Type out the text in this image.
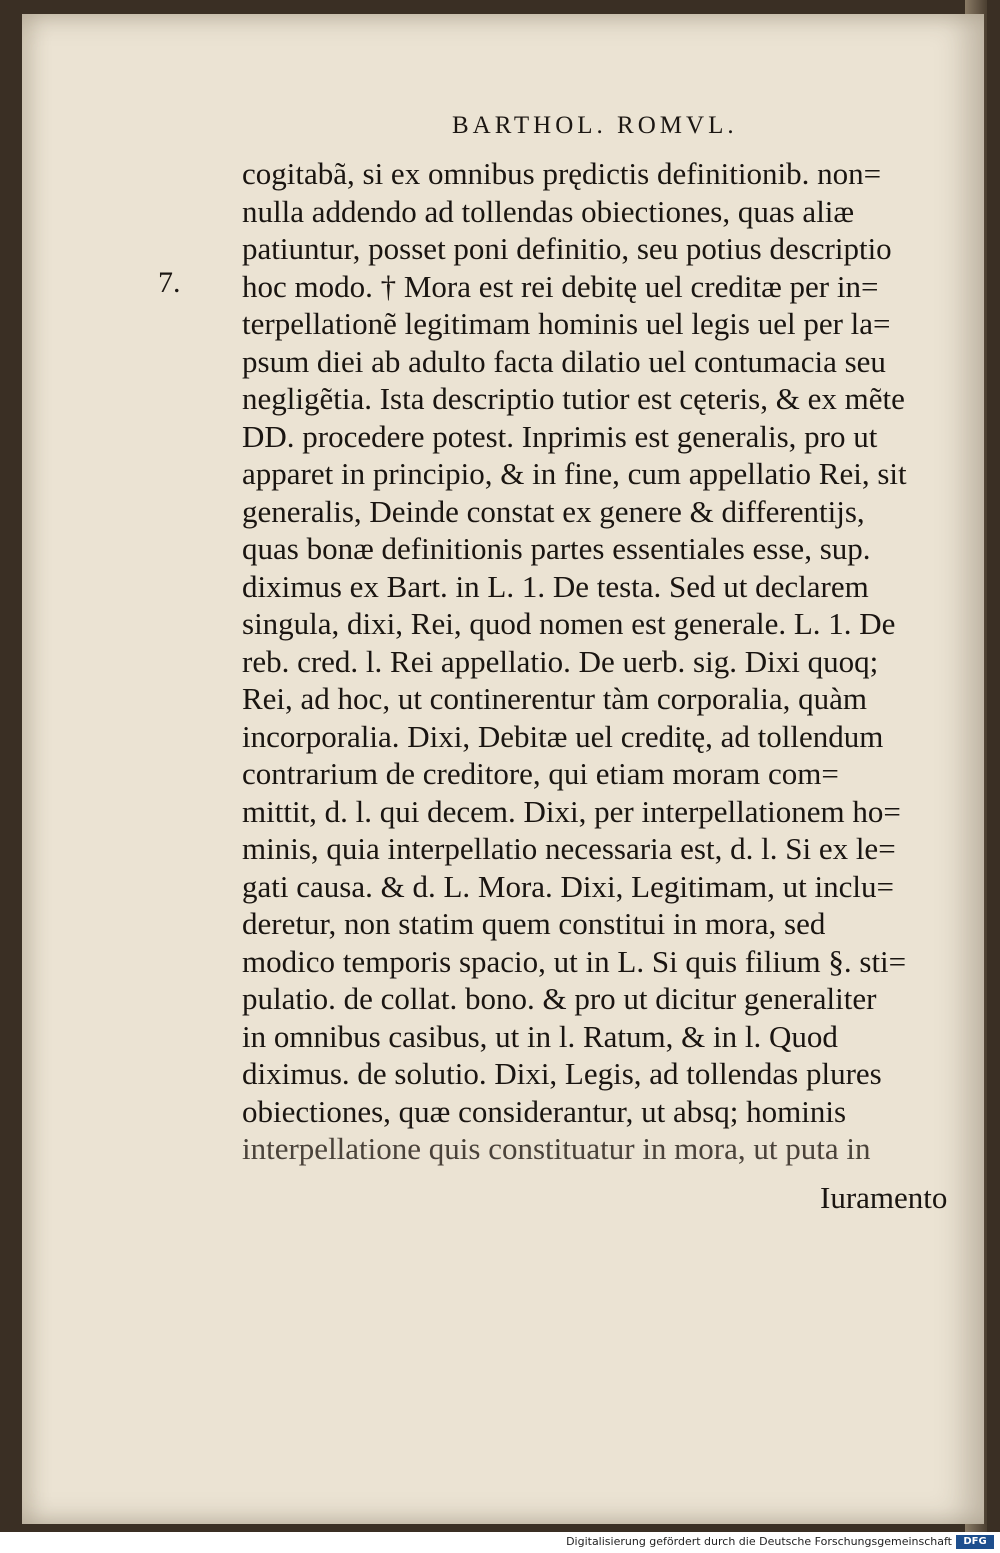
BARTHOL. ROMVL.
7.
cogitabã, si ex omnibus prędictis definitionib. non=
nulla addendo ad tollendas obiectiones, quas aliæ
patiuntur, posset poni definitio, seu potius descriptio
hoc modo. † Mora est rei debitę uel creditæ per in=
terpellationẽ legitimam hominis uel legis uel per la=
psum diei ab adulto facta dilatio uel contumacia seu
negligẽtia. Ista descriptio tutior est cęteris, & ex mẽte
DD. procedere potest. Inprimis est generalis, pro ut
apparet in principio, & in fine, cum appellatio Rei, sit
generalis, Deinde constat ex genere & differentijs,
quas bonæ definitionis partes essentiales esse, sup.
diximus ex Bart. in L. 1. De testa. Sed ut declarem
singula, dixi, Rei, quod nomen est generale. L. 1. De
reb. cred. l. Rei appellatio. De uerb. sig. Dixi quoq;
Rei, ad hoc, ut continerentur tàm corporalia, quàm
incorporalia. Dixi, Debitæ uel creditę, ad tollendum
contrarium de creditore, qui etiam moram com=
mittit, d. l. qui decem. Dixi, per interpellationem ho=
minis, quia interpellatio necessaria est, d. l. Si ex le=
gati causa. & d. L. Mora. Dixi, Legitimam, ut inclu=
deretur, non statim quem constitui in mora, sed
modico temporis spacio, ut in L. Si quis filium §. sti=
pulatio. de collat. bono. & pro ut dicitur generaliter
in omnibus casibus, ut in l. Ratum, & in l. Quod
diximus. de solutio. Dixi, Legis, ad tollendas plures
obiectiones, quæ considerantur, ut absq; hominis
interpellatione quis constituatur in mora, ut puta in
Iuramento
Digitalisierung gefördert durch die Deutsche Forschungsgemeinschaft	DFG
